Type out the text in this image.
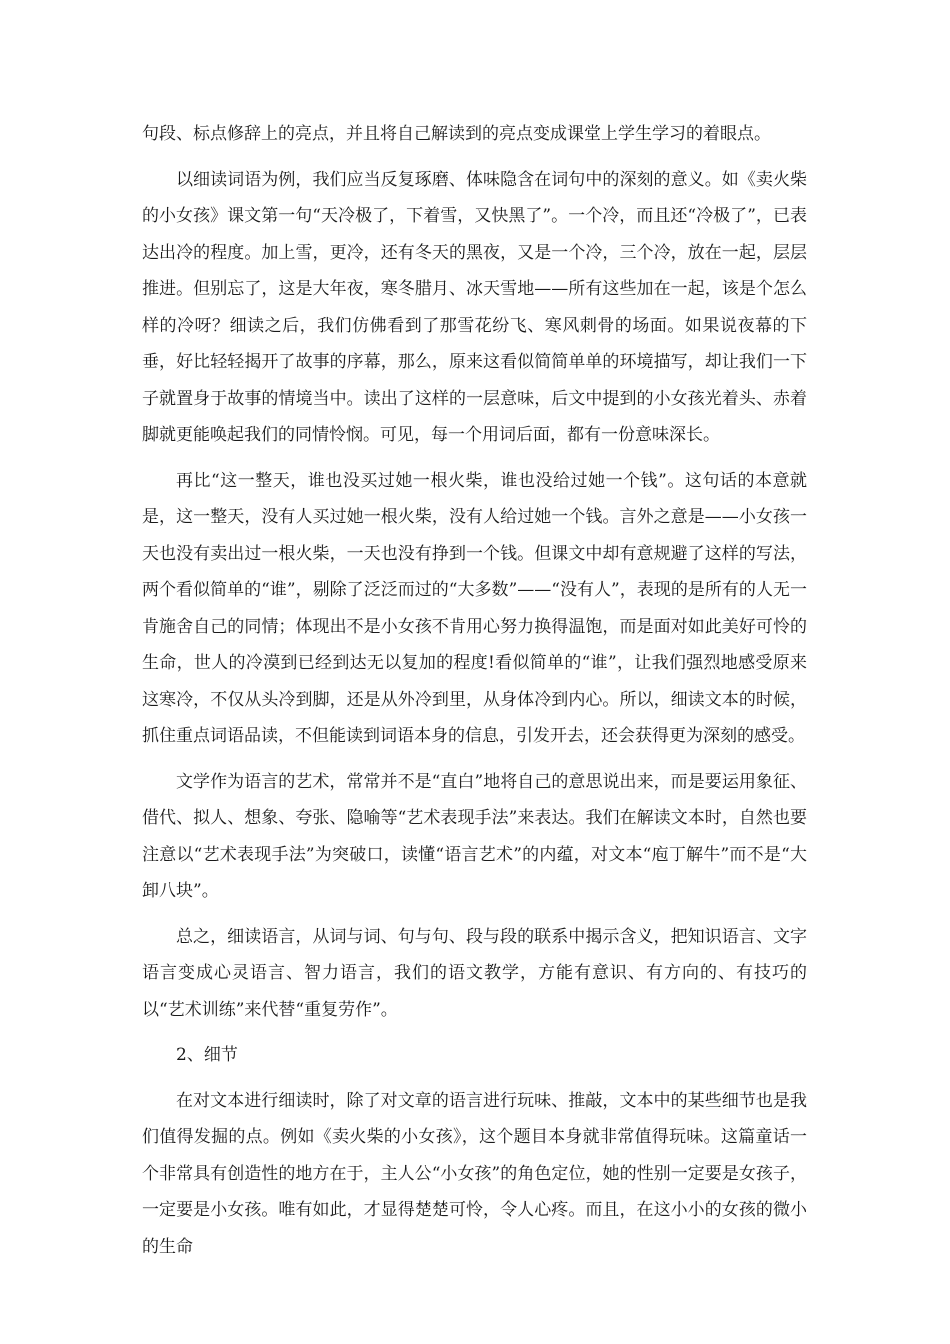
句段、标点修辞上的亮点，并且将自己解读到的亮点变成课堂上学生学习的着眼点。

以细读词语为例，我们应当反复琢磨、体味隐含在词句中的深刻的意义。如《卖火柴的小女孩》课文第一句“天冷极了，下着雪，又快黑了”。一个冷，而且还“冷极了”，已表达出冷的程度。加上雪，更冷，还有冬天的黑夜，又是一个冷，三个冷，放在一起，层层推进。但别忘了，这是大年夜，寒冬腊月、冰天雪地——所有这些加在一起，该是个怎么样的冷呀？细读之后，我们仿佛看到了那雪花纷飞、寒风刺骨的场面。如果说夜幕的下垂，好比轻轻揭开了故事的序幕，那么，原来这看似简简单单的环境描写，却让我们一下子就置身于故事的情境当中。读出了这样的一层意味，后文中提到的小女孩光着头、赤着脚就更能唤起我们的同情怜悯。可见，每一个用词后面，都有一份意味深长。

再比“这一整天，谁也没买过她一根火柴，谁也没给过她一个钱”。这句话的本意就是，这一整天，没有人买过她一根火柴，没有人给过她一个钱。言外之意是——小女孩一天也没有卖出过一根火柴，一天也没有挣到一个钱。但课文中却有意规避了这样的写法，两个看似简单的“谁”，剔除了泛泛而过的“大多数”——“没有人”，表现的是所有的人无一肯施舍自己的同情；体现出不是小女孩不肯用心努力换得温饱，而是面对如此美好可怜的生命，世人的冷漠到已经到达无以复加的程度!看似简单的“谁”，让我们强烈地感受原来这寒冷，不仅从头冷到脚，还是从外冷到里，从身体冷到内心。所以，细读文本的时候，抓住重点词语品读，不但能读到词语本身的信息，引发开去，还会获得更为深刻的感受。

文学作为语言的艺术，常常并不是“直白”地将自己的意思说出来，而是要运用象征、借代、拟人、想象、夸张、隐喻等“艺术表现手法”来表达。我们在解读文本时，自然也要注意以“艺术表现手法”为突破口，读懂“语言艺术”的内蕴，对文本“庖丁解牛”而不是“大卸八块”。

总之，细读语言，从词与词、句与句、段与段的联系中揭示含义，把知识语言、文字语言变成心灵语言、智力语言，我们的语文教学，方能有意识、有方向的、有技巧的以“艺术训练”来代替“重复劳作”。

2、细节

在对文本进行细读时，除了对文章的语言进行玩味、推敲，文本中的某些细节也是我们值得发掘的点。例如《卖火柴的小女孩》，这个题目本身就非常值得玩味。这篇童话一个非常具有创造性的地方在于，主人公“小女孩”的角色定位，她的性别一定要是女孩子，一定要是小女孩。唯有如此，才显得楚楚可怜，令人心疼。而且，在这小小的女孩的微小的生命
